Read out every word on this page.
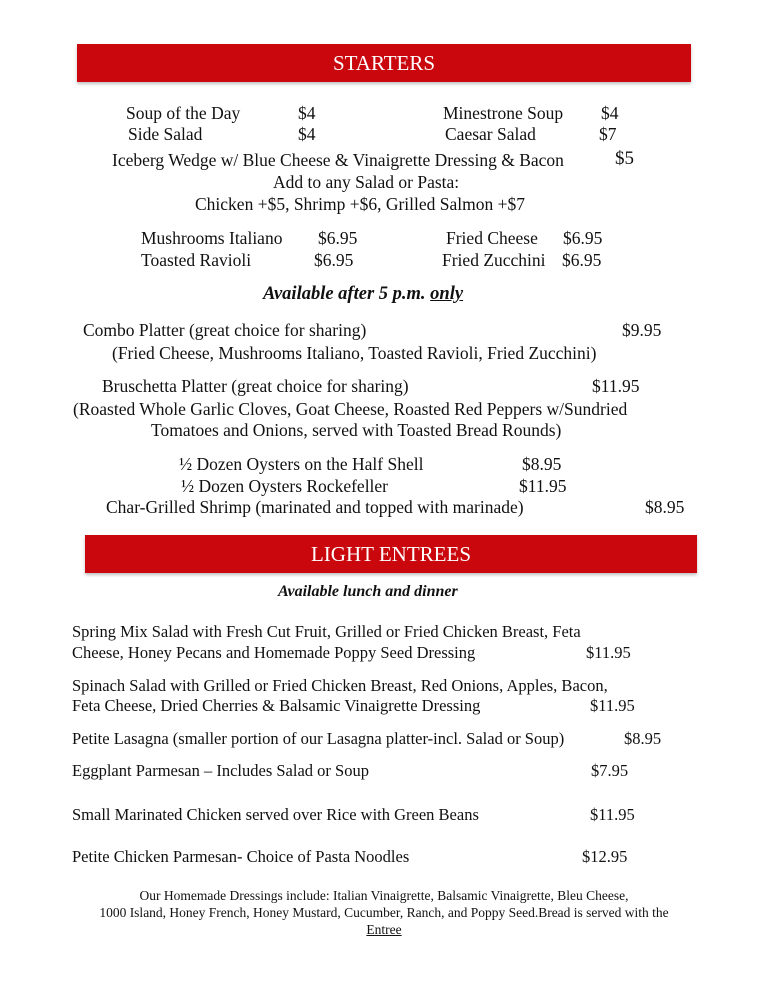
STARTERS
Soup of the Day	$4	Minestrone Soup $4
Side Salad	$4	Caesar Salad	$7
Iceberg Wedge w/ Blue Cheese & Vinaigrette Dressing & Bacon	$5
Add to any Salad or Pasta:
Chicken +$5, Shrimp +$6, Grilled Salmon +$7
Mushrooms Italiano $6.95	Fried Cheese $6.95
Toasted Ravioli	$6.95	Fried Zucchini $6.95
Available after 5 p.m. only
Combo Platter (great choice for sharing)	$9.95
(Fried Cheese, Mushrooms Italiano, Toasted Ravioli, Fried Zucchini)
Bruschetta Platter (great choice for sharing)	$11.95
(Roasted Whole Garlic Cloves, Goat Cheese, Roasted Red Peppers w/Sundried
Tomatoes and Onions, served with Toasted Bread Rounds)
½ Dozen Oysters on the Half Shell	$8.95
½ Dozen Oysters Rockefeller	$11.95
Char-Grilled Shrimp (marinated and topped with marinade)	$8.95
LIGHT ENTREES
Available lunch and dinner
Spring Mix Salad with Fresh Cut Fruit, Grilled or Fried Chicken Breast, Feta
Cheese, Honey Pecans and Homemade Poppy Seed Dressing	$11.95
Spinach Salad with Grilled or Fried Chicken Breast, Red Onions, Apples, Bacon,
Feta Cheese, Dried Cherries & Balsamic Vinaigrette Dressing	$11.95
Petite Lasagna (smaller portion of our Lasagna platter-incl. Salad or Soup)	$8.95
Eggplant Parmesan – Includes Salad or Soup	$7.95
Small Marinated Chicken served over Rice with Green Beans	$11.95
Petite Chicken Parmesan- Choice of Pasta Noodles	$12.95
Our Homemade Dressings include: Italian Vinaigrette, Balsamic Vinaigrette, Bleu Cheese,
1000 Island, Honey French, Honey Mustard, Cucumber, Ranch, and Poppy Seed.Bread is served with the
Entree
